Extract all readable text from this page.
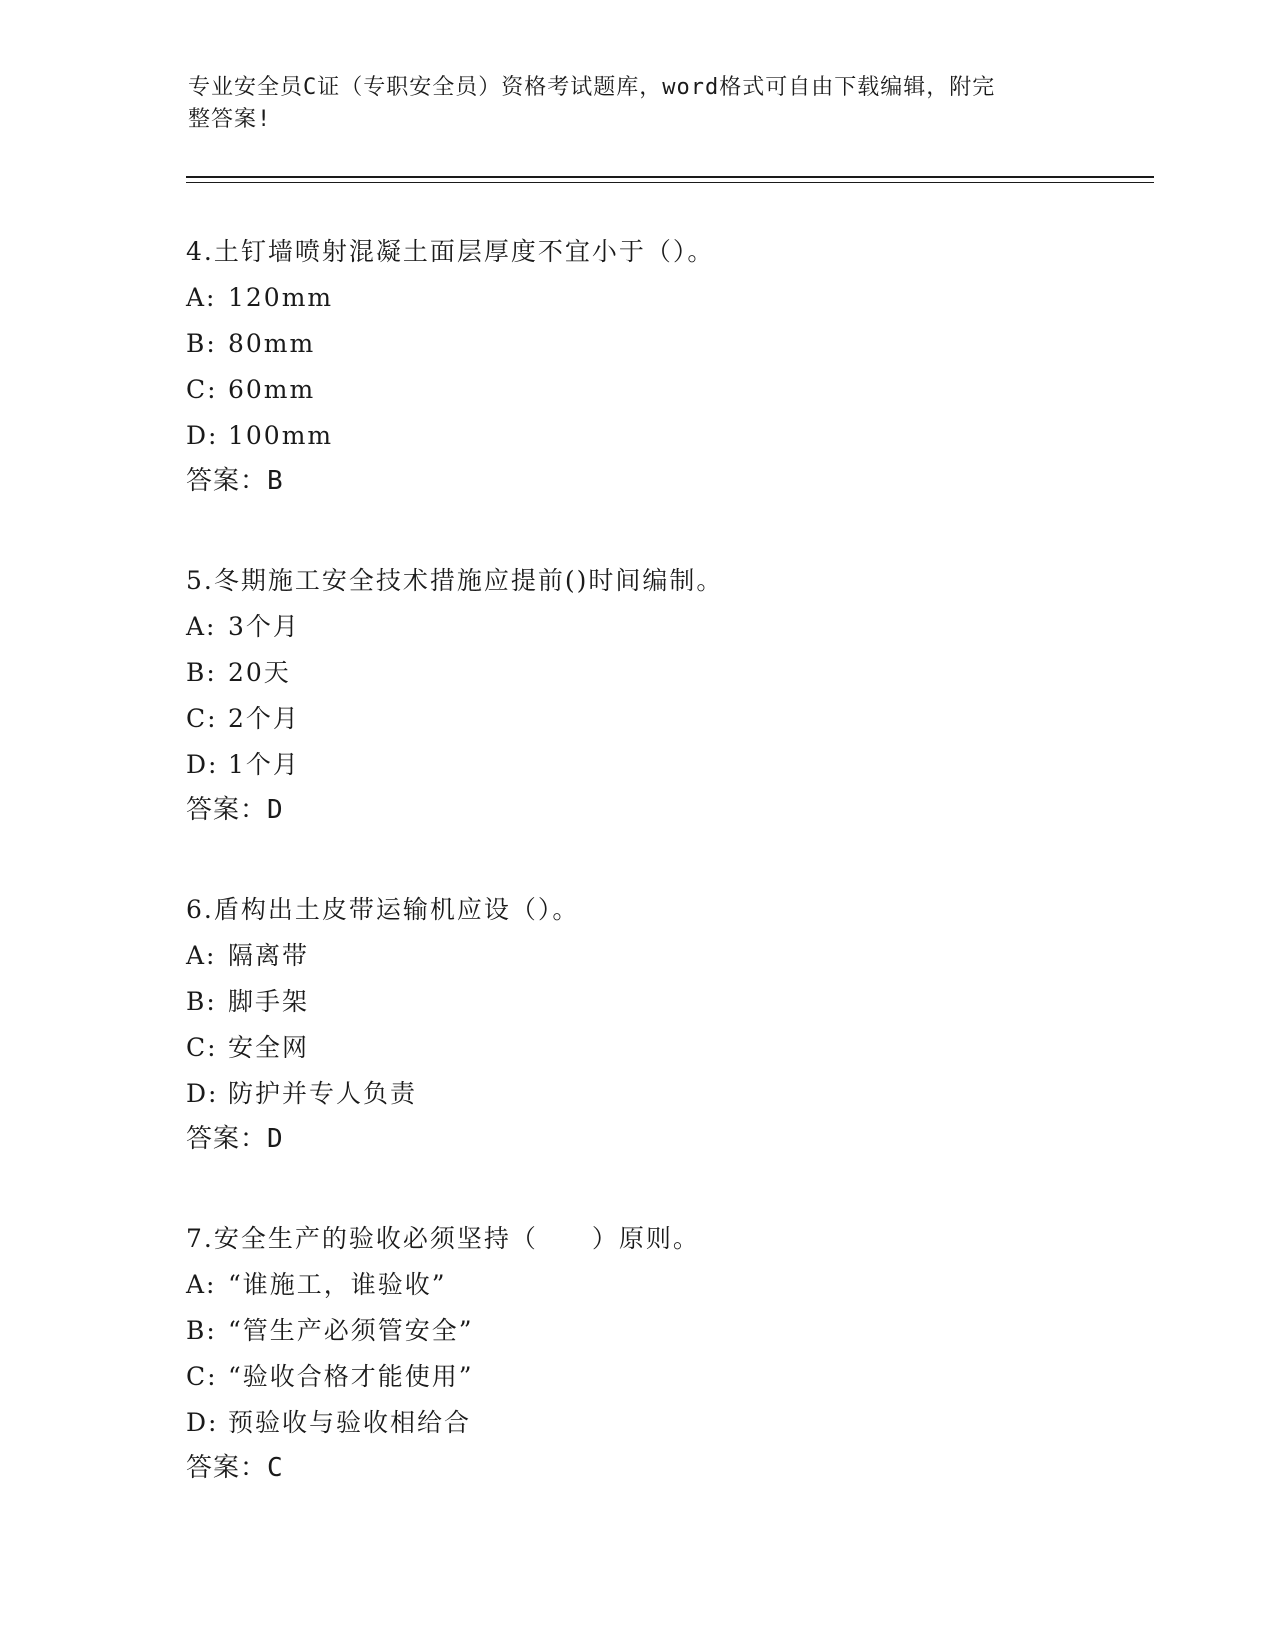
专业安全员C证（专职安全员）资格考试题库，word格式可自由下载编辑，附完
整答案!
4.土钉墙喷射混凝土面层厚度不宜小于（）。
A: 120mm
B: 80mm
C: 60mm
D: 100mm
答案：B
5.冬期施工安全技术措施应提前()时间编制。
A: 3个月
B: 20天
C: 2个月
D: 1个月
答案：D
6.盾构出土皮带运输机应设（）。
A: 隔离带
B: 脚手架
C: 安全网
D: 防护并专人负责
答案：D
7.安全生产的验收必须坚持（　　）原则。
A: “谁施工，谁验收”
B: “管生产必须管安全”
C: “验收合格才能使用”
D: 预验收与验收相给合
答案：C
